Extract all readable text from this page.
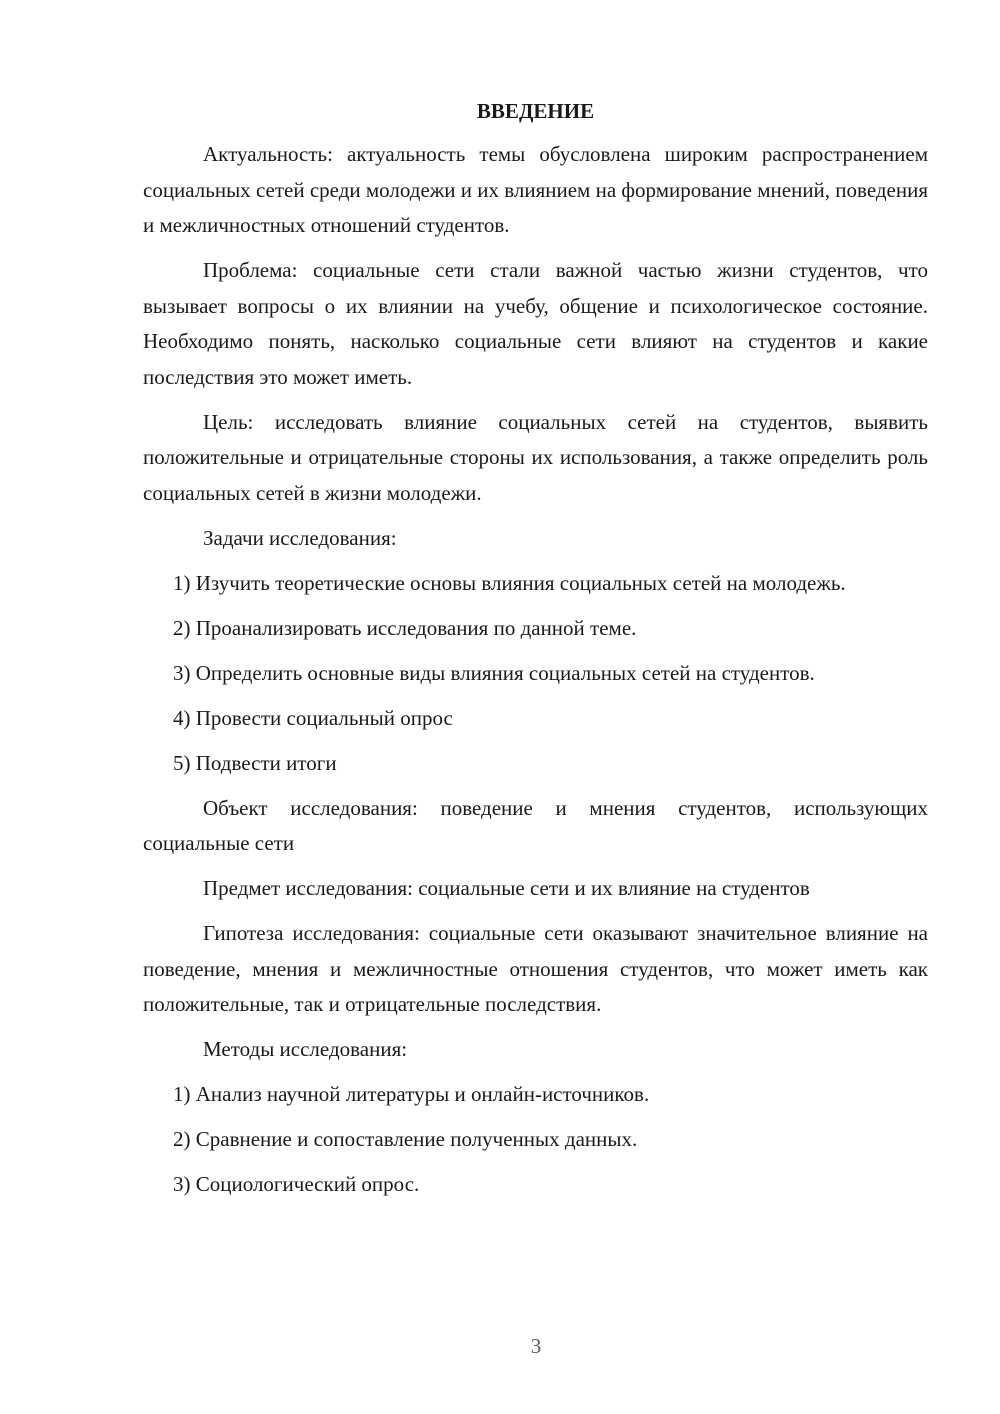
ВВЕДЕНИЕ

Актуальность: актуальность темы обусловлена широким распространением социальных сетей среди молодежи и их влиянием на формирование мнений, поведения и межличностных отношений студентов.

Проблема: социальные сети стали важной частью жизни студентов, что вызывает вопросы о их влиянии на учебу, общение и психологическое состояние. Необходимо понять, насколько социальные сети влияют на студентов и какие последствия это может иметь.

Цель: исследовать влияние социальных сетей на студентов, выявить положительные и отрицательные стороны их использования, а также определить роль социальных сетей в жизни молодежи.

Задачи исследования:

1) Изучить теоретические основы влияния социальных сетей на молодежь.

2) Проанализировать исследования по данной теме.

3) Определить основные виды влияния социальных сетей на студентов.

4) Провести социальный опрос

5) Подвести итоги

Объект исследования: поведение и мнения студентов, использующих социальные сети

Предмет исследования: социальные сети и их влияние на студентов

Гипотеза исследования: социальные сети оказывают значительное влияние на поведение, мнения и межличностные отношения студентов, что может иметь как положительные, так и отрицательные последствия.

Методы исследования:

1) Анализ научной литературы и онлайн-источников.

2) Сравнение и сопоставление полученных данных.

3) Социологический опрос.

3
